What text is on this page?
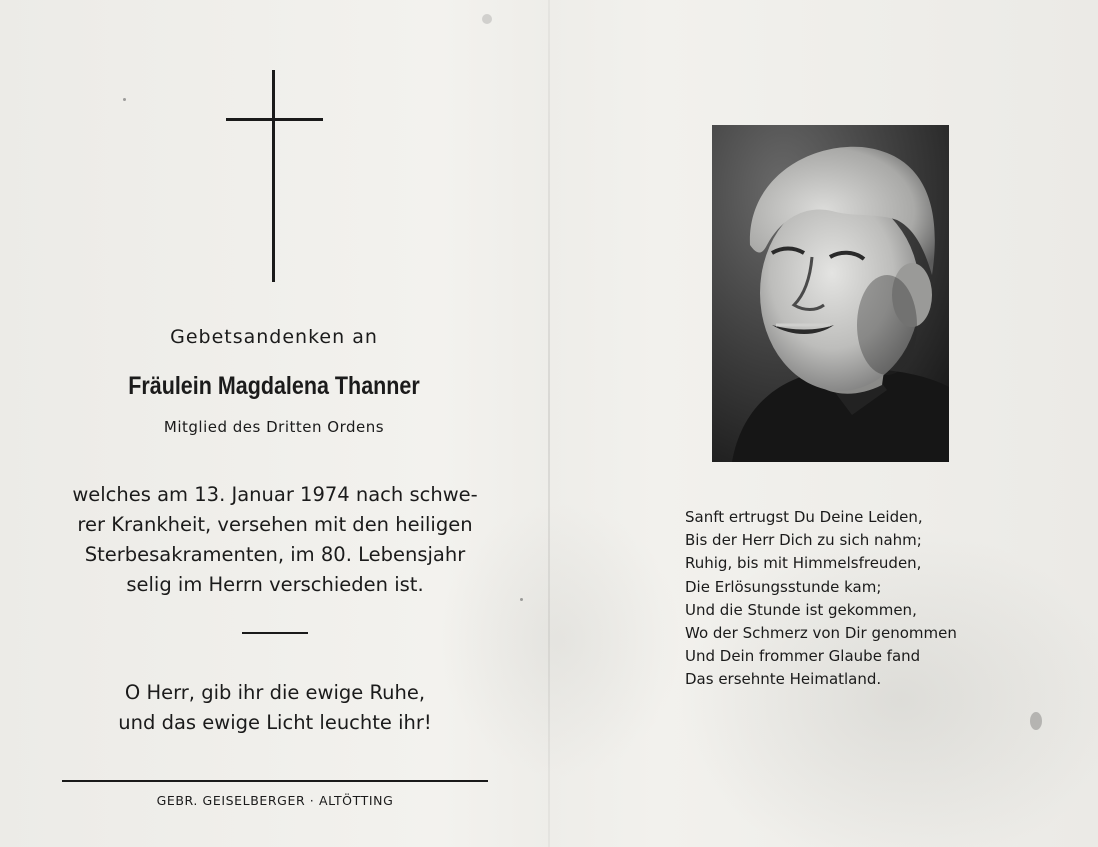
Gebetsandenken an
Fräulein Magdalena Thanner
Mitglied des Dritten Ordens
welches am 13. Januar 1974 nach schwe-
rer Krankheit, versehen mit den heiligen
Sterbesakramenten, im 80. Lebensjahr
selig im Herrn verschieden ist.
O Herr, gib ihr die ewige Ruhe,
und das ewige Licht leuchte ihr!
GEBR. GEISELBERGER · ALTÖTTING
Sanft ertrugst Du Deine Leiden,
Bis der Herr Dich zu sich nahm;
Ruhig, bis mit Himmelsfreuden,
Die Erlösungsstunde kam;
Und die Stunde ist gekommen,
Wo der Schmerz von Dir genommen
Und Dein frommer Glaube fand
Das ersehnte Heimatland.
